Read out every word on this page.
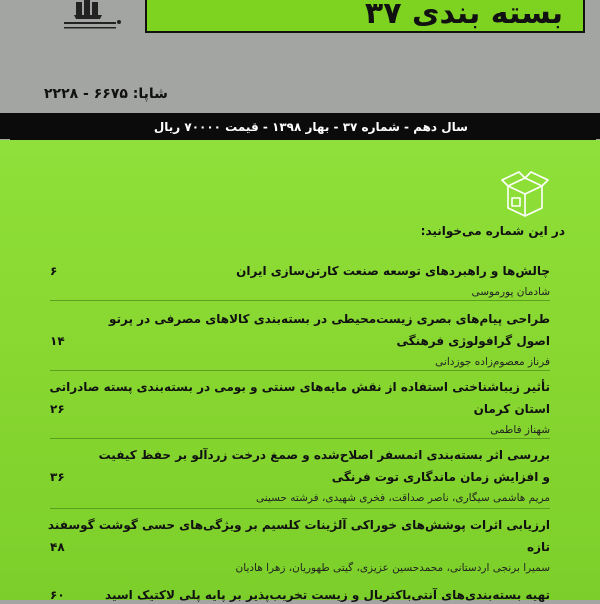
بسته بندی ۳۷
شاپا: ۶۶۷۵ - ۲۲۲۸
سال دهم - شماره ۳۷ - بهار ۱۳۹۸ - قیمت ۷۰۰۰۰ ریال
در این شماره می‌خوانید:
چالش‌ها و راهبردهای توسعه صنعت کارتن‌سازی ایران
۶
شادمان پورموسی
طراحی پیام‌های بصری زیست‌محیطی در بسته‌بندی کالاهای مصرفی در پرتو
اصول گرافولوژی فرهنگی
۱۴
فرناز معصوم‌زاده جوزدانی
تأثیر زیباشناختی استفاده از نقش مایه‌های سنتی و بومی در بسته‌بندی پسته صادراتی
استان کرمان
۲۶
شهناز فاطمی
بررسی اثر بسته‌بندی اتمسفر اصلاح‌شده و صمغ درخت زردآلو بر حفظ کیفیت
و افزایش زمان ماندگاری توت فرنگی
۳۶
مریم هاشمی سیگاری، ناصر صداقت، فخری شهیدی، فرشته حسینی
ارزیابی اثرات پوشش‌های خوراکی آلژینات کلسیم بر ویژگی‌های حسی گوشت گوسفند
تازه
۴۸
سمیرا برنجی اردستانی، محمدحسین عزیزی، گیتی طهوریان، زهرا هادیان
تهیه بسته‌بندی‌های آنتی‌باکتریال و زیست تخریب‌پذیر بر پایه پلی لاکتیک اسید
۶۰
